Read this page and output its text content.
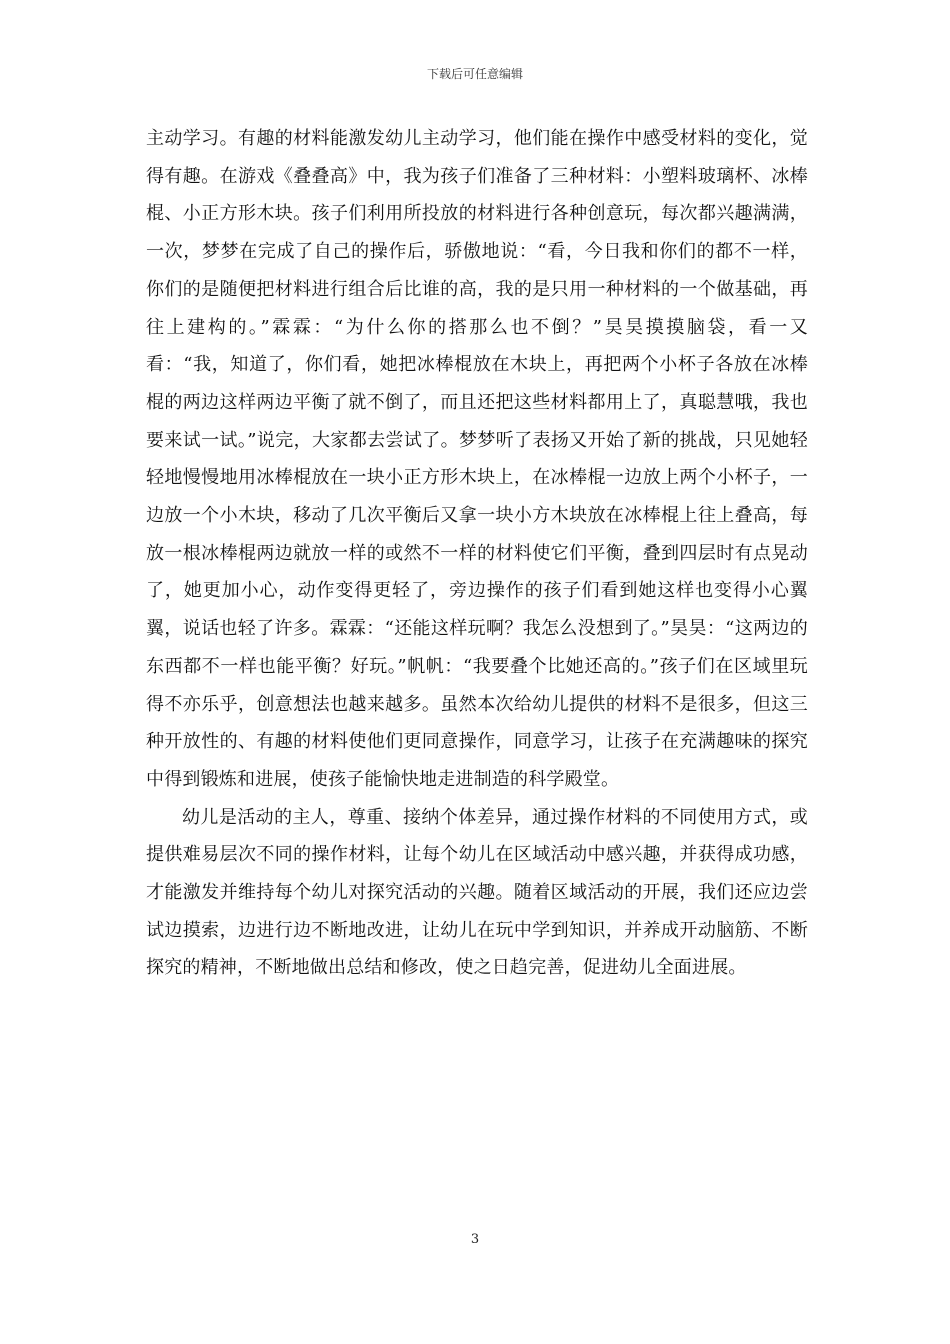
下载后可任意编辑

主动学习。有趣的材料能激发幼儿主动学习，他们能在操作中感受材料的变化，觉得有趣。在游戏《叠叠高》中，我为孩子们准备了三种材料：小塑料玻璃杯、冰棒棍、小正方形木块。孩子们利用所投放的材料进行各种创意玩，每次都兴趣满满，一次，梦梦在完成了自己的操作后，骄傲地说：“看，今日我和你们的都不一样，你们的是随便把材料进行组合后比谁的高，我的是只用一种材料的一个做基础，再往上建构的。”霖霖：“为什么你的搭那么也不倒？”昊昊摸摸脑袋，看一又看：“我，知道了，你们看，她把冰棒棍放在木块上，再把两个小杯子各放在冰棒棍的两边这样两边平衡了就不倒了，而且还把这些材料都用上了，真聪慧哦，我也要来试一试。”说完，大家都去尝试了。梦梦听了表扬又开始了新的挑战，只见她轻轻地慢慢地用冰棒棍放在一块小正方形木块上，在冰棒棍一边放上两个小杯子，一边放一个小木块，移动了几次平衡后又拿一块小方木块放在冰棒棍上往上叠高，每放一根冰棒棍两边就放一样的或然不一样的材料使它们平衡，叠到四层时有点晃动了，她更加小心，动作变得更轻了，旁边操作的孩子们看到她这样也变得小心翼翼，说话也轻了许多。霖霖：“还能这样玩啊？我怎么没想到了。”昊昊：“这两边的东西都不一样也能平衡？好玩。”帆帆：“我要叠个比她还高的。”孩子们在区域里玩得不亦乐乎，创意想法也越来越多。虽然本次给幼儿提供的材料不是很多，但这三种开放性的、有趣的材料使他们更同意操作，同意学习，让孩子在充满趣味的探究中得到锻炼和进展，使孩子能愉快地走进制造的科学殿堂。

幼儿是活动的主人，尊重、接纳个体差异，通过操作材料的不同使用方式，或提供难易层次不同的操作材料，让每个幼儿在区域活动中感兴趣，并获得成功感，才能激发并维持每个幼儿对探究活动的兴趣。随着区域活动的开展，我们还应边尝试边摸索，边进行边不断地改进，让幼儿在玩中学到知识，并养成开动脑筋、不断探究的精神，不断地做出总结和修改，使之日趋完善，促进幼儿全面进展。

3
